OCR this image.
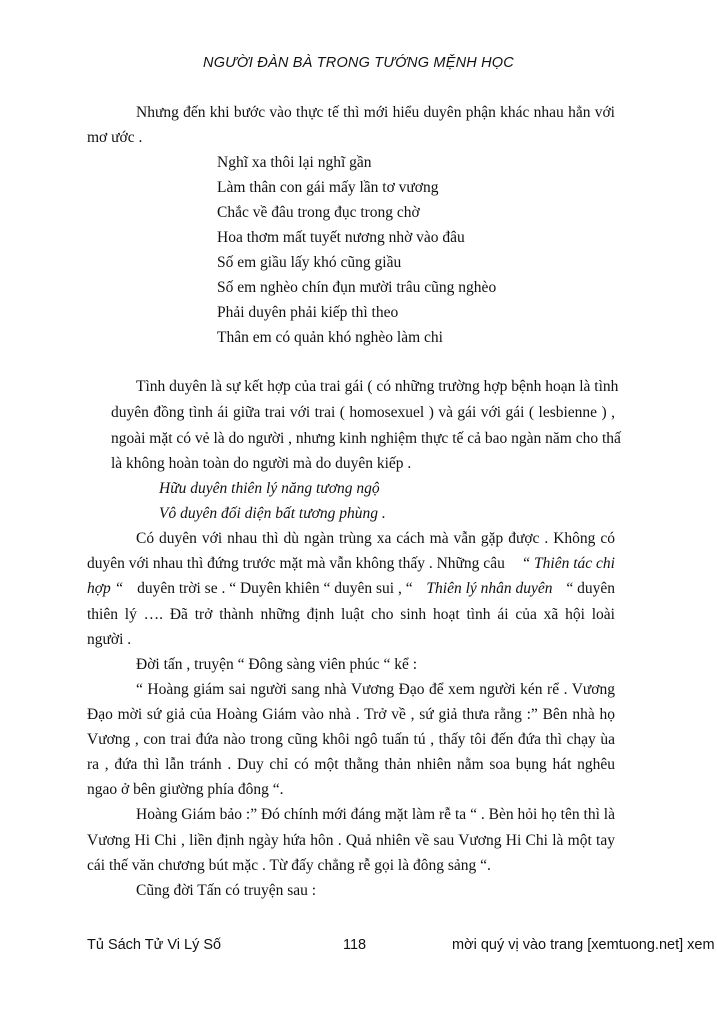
NGƯỜI ĐÀN BÀ TRONG TƯỚNG MỆNH HỌC
Nhưng đến khi bước vào thực tế thì mới hiểu duyên phận khác nhau hẳn với
mơ ước .
Nghĩ xa thôi lại nghĩ gần
Làm thân con gái mấy lần tơ vương
Chắc về đâu trong đục trong chờ
Hoa thơm mất tuyết nương nhờ vào đâu
Số em giầu lấy khó cũng giầu
Số em nghèo chín đụn mười trâu cũng nghèo
Phải duyên phải kiếp thì theo
Thân em có quản khó nghèo làm chi
Tình duyên là sự kết hợp của trai gái ( có những trường hợp bệnh hoạn là tình
duyên đồng tình ái giữa trai với trai ( homosexuel ) và gái với gái ( lesbienne ) ,
ngoài mặt có vẻ là do người , nhưng kinh nghiệm thực tế cả bao ngàn năm cho thấ
là không hoàn toàn do người mà do duyên kiếp .
Hữu duyên thiên lý năng tương ngộ
Vô duyên đối diện bất tương phùng .
Có duyên với nhau thì dù ngàn trùng xa cách mà vẫn gặp được . Không có
duyên với nhau thì đứng trước mặt mà vẫn không thấy . Những câu “ Thiên tác chi
hợp “ duyên trời se . “ Duyên khiên “ duyên sui , “ Thiên lý nhân duyên “ duyên
thiên lý …. Đã trở thành những định luật cho sinh hoạt tình ái của xã hội loài
người .
Đời tấn , truyện “ Đông sàng viên phúc “ kể :
“ Hoàng giám sai người sang nhà Vương Đạo để xem người kén rể . Vương
Đạo mời sứ giả của Hoàng Giám vào nhà . Trở về , sứ giả thưa rằng :” Bên nhà họ
Vương , con trai đứa nào trong cũng khôi ngô tuấn tú , thấy tôi đến đứa thì chạy ùa
ra , đứa thì lẫn tránh . Duy chỉ có một thằng thản nhiên nằm soa bụng hát nghêu
ngao ở bên giường phía đông “.
Hoàng Giám bảo :” Đó chính mới đáng mặt làm rễ ta “ . Bèn hỏi họ tên thì là
Vương Hi Chi , liền định ngày hứa hôn . Quả nhiên về sau Vương Hi Chi là một tay
cái thế văn chương bút mặc . Từ đấy chẳng rễ gọi là đông sảng “.
Cũng đời Tấn có truyện sau :
Tủ Sách Tử Vi Lý Số	118	mời quý vị vào trang [xemtuong.net] xem
